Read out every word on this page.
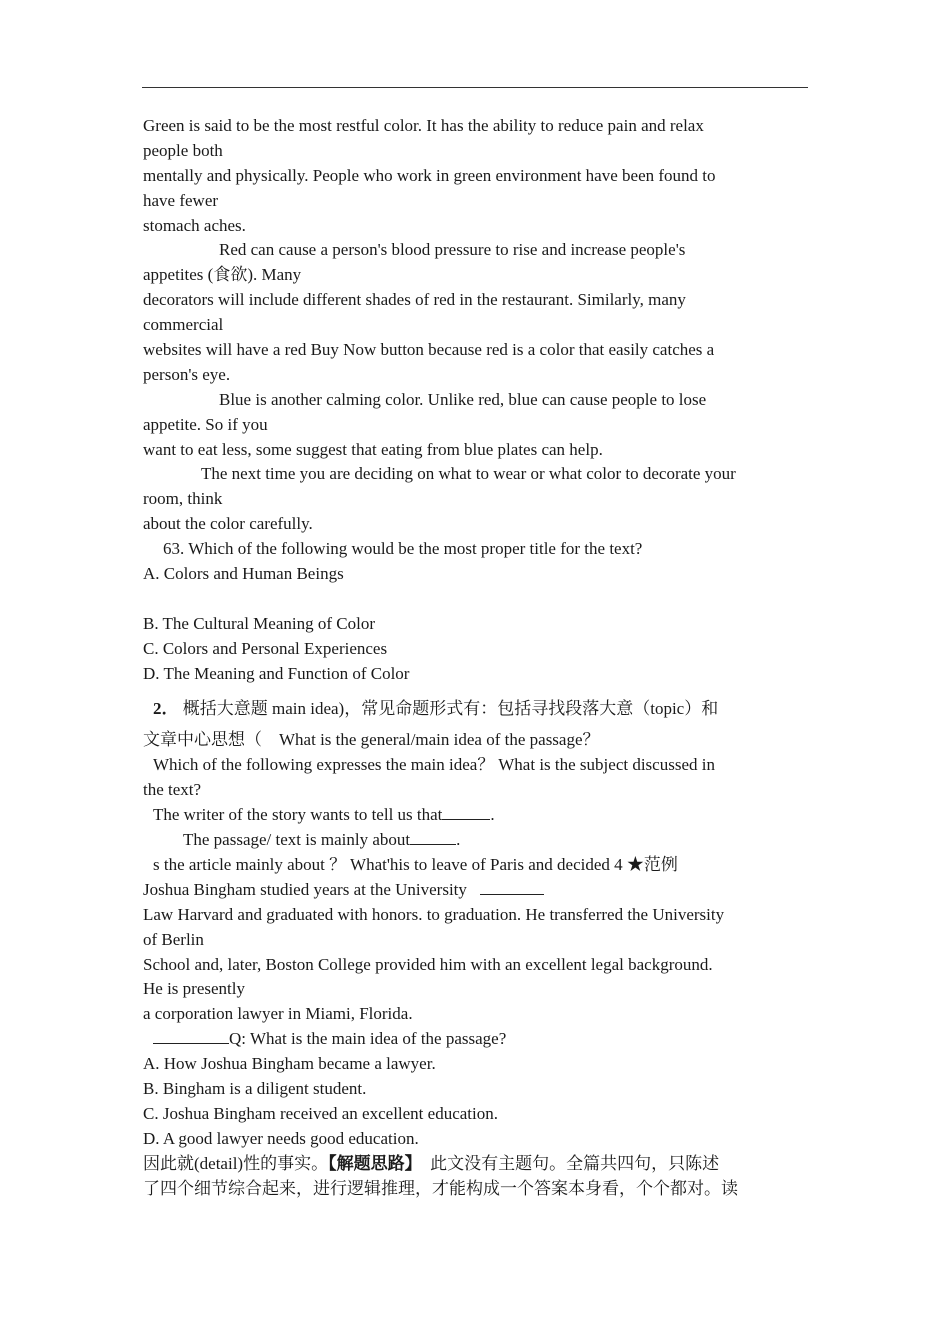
Green is said to be the most restful color. It has the ability to reduce pain and relax
people both
mentally and physically. People who work in green environment have been found to
have fewer
stomach aches.
Red can cause a person's blood pressure to rise and increase people's
appetites (食欲). Many
decorators will include different shades of red in the restaurant. Similarly, many
commercial
websites will have a red Buy Now button because red is a color that easily catches a
person's eye.
Blue is another calming color. Unlike red, blue can cause people to lose
appetite. So if you
want to eat less, some suggest that eating from blue plates can help.
The next time you are deciding on what to wear or what color to decorate your
room, think
about the color carefully.
63. Which of the following would be the most proper title for the text?
A. Colors and Human Beings
B. The Cultural Meaning of Color
C. Colors and Personal Experiences
D. The Meaning and Function of Color
2． 概括大意题 main idea)，常见命题形式有：包括寻找段落大意（topic）和
文章中心思想（　What is the general/main idea of the passage？
Which of the following expresses the main idea？ What is the subject discussed in
the text?
The writer of the story wants to tell us that	.
The passage/ text is mainly about	.
s the article mainly about ？ What'his to leave of Paris and decided 4 ★范例
Joshua Bingham studied years at the University
Law Harvard and graduated with honors. to graduation. He transferred the University
of Berlin
School and, later, Boston College provided him with an excellent legal background.
He is presently
a corporation lawyer in Miami, Florida.
Q: What is the main idea of the passage?
A. How Joshua Bingham became a lawyer.
B. Bingham is a diligent student.
C. Joshua Bingham received an excellent education.
D. A good lawyer needs good education.
因此就(detail)性的事实。【解题思路】　此文没有主题句。全篇共四句，只陈述
了四个细节综合起来，进行逻辑推理，才能构成一个答案本身看，个个都对。读
